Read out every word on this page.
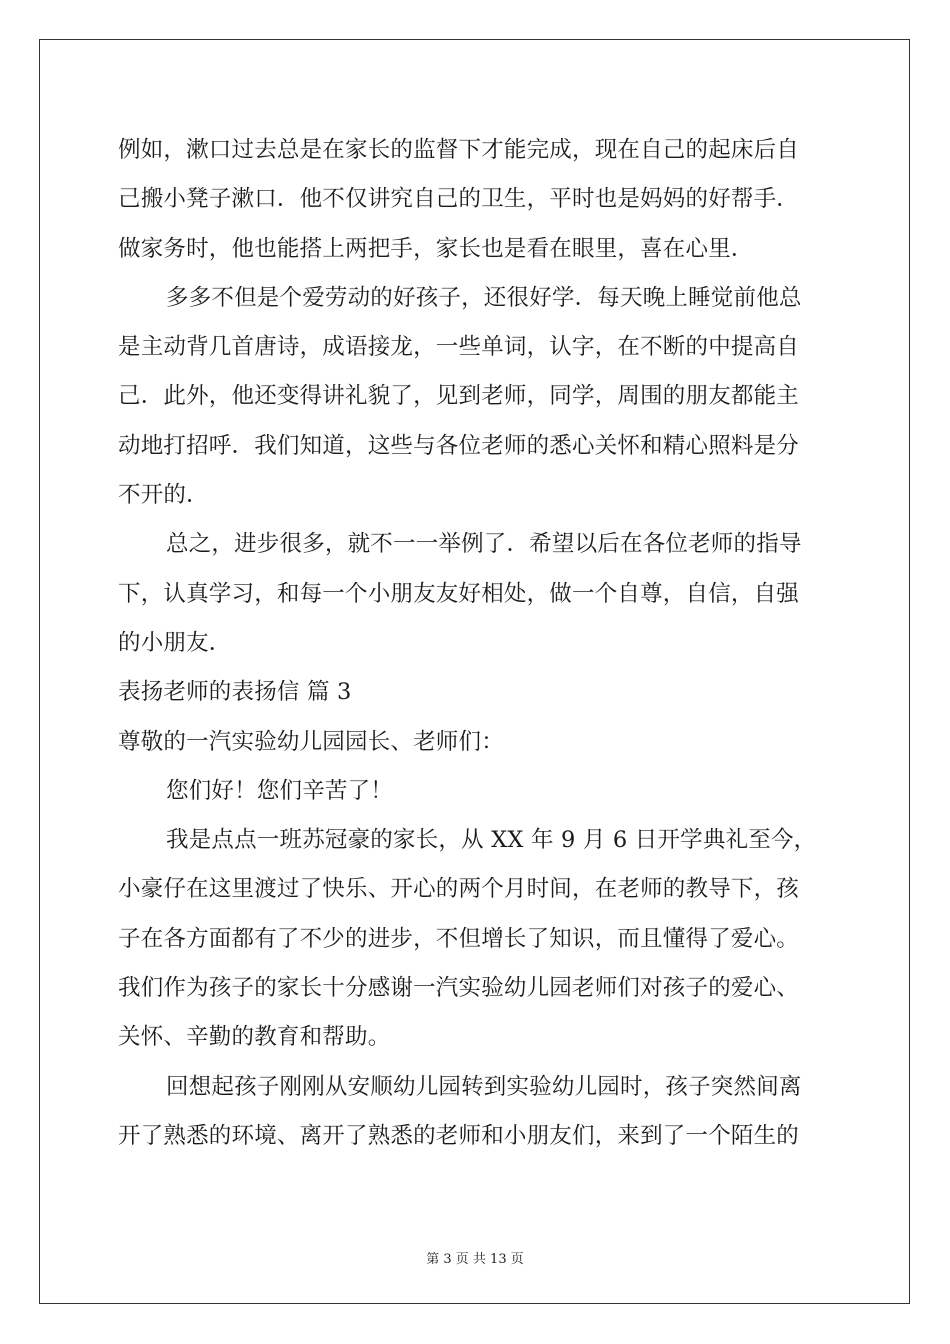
例如，漱口过去总是在家长的监督下才能完成，现在自己的起床后自
己搬小凳子漱口．他不仅讲究自己的卫生，平时也是妈妈的好帮手．
做家务时，他也能搭上两把手，家长也是看在眼里，喜在心里．
多多不但是个爱劳动的好孩子，还很好学．每天晚上睡觉前他总
是主动背几首唐诗，成语接龙，一些单词，认字，在不断的中提高自
己．此外，他还变得讲礼貌了，见到老师，同学，周围的朋友都能主
动地打招呼．我们知道，这些与各位老师的悉心关怀和精心照料是分
不开的．
总之，进步很多，就不一一举例了．希望以后在各位老师的指导
下，认真学习，和每一个小朋友友好相处，做一个自尊，自信，自强
的小朋友．
表扬老师的表扬信 篇 3
尊敬的一汽实验幼儿园园长、老师们：
您们好！您们辛苦了！
我是点点一班苏冠豪的家长，从 XX 年 9 月 6 日开学典礼至今，
小豪仔在这里渡过了快乐、开心的两个月时间，在老师的教导下，孩
子在各方面都有了不少的进步，不但增长了知识，而且懂得了爱心。
我们作为孩子的家长十分感谢一汽实验幼儿园老师们对孩子的爱心、
关怀、辛勤的教育和帮助。
回想起孩子刚刚从安顺幼儿园转到实验幼儿园时，孩子突然间离
开了熟悉的环境、离开了熟悉的老师和小朋友们，来到了一个陌生的
第 3 页 共 13 页
